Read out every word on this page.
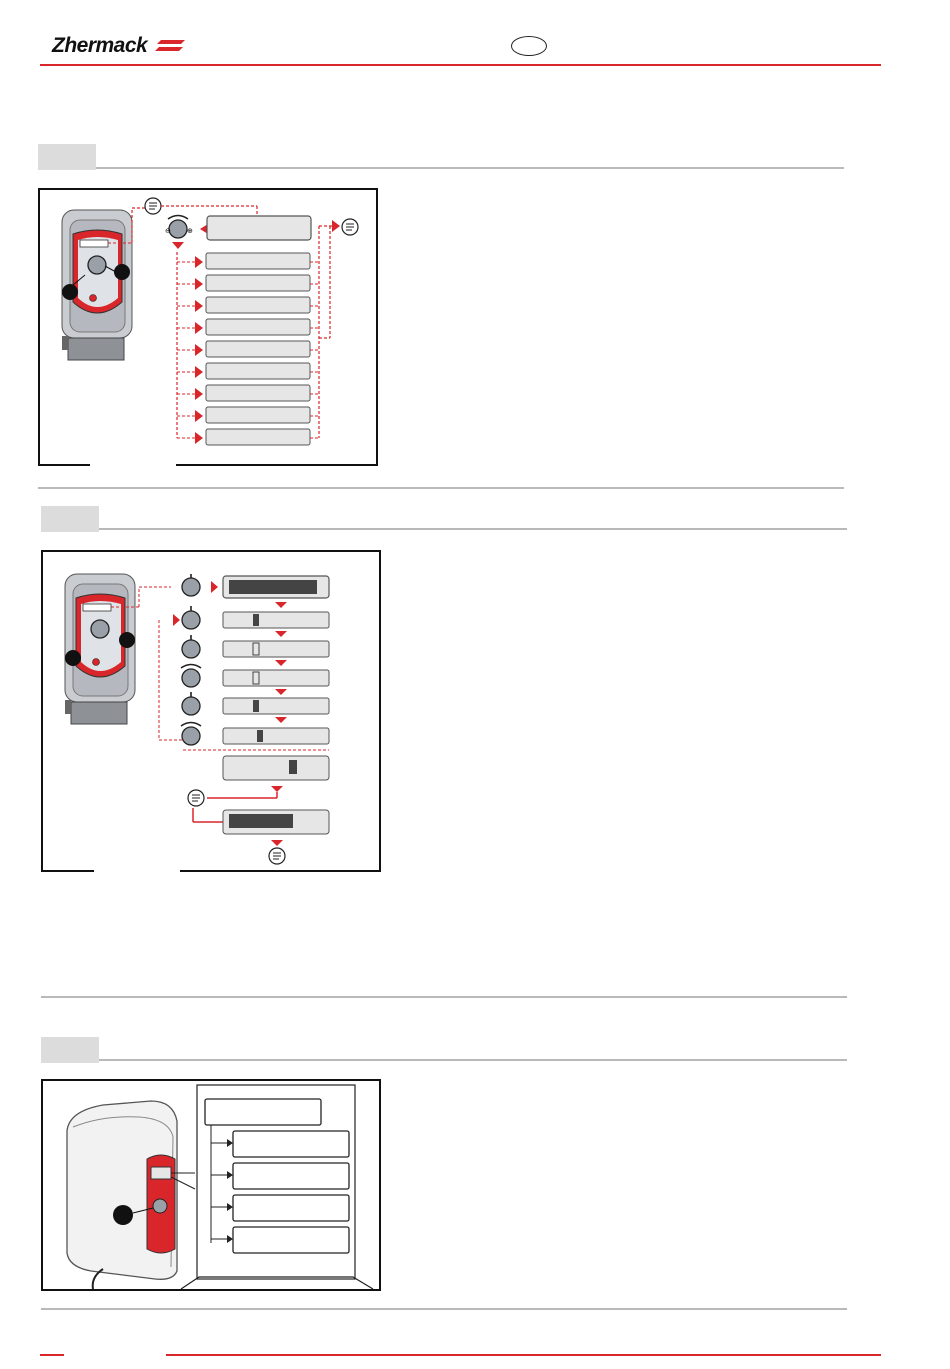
Zhermack
⊖ ⊕
